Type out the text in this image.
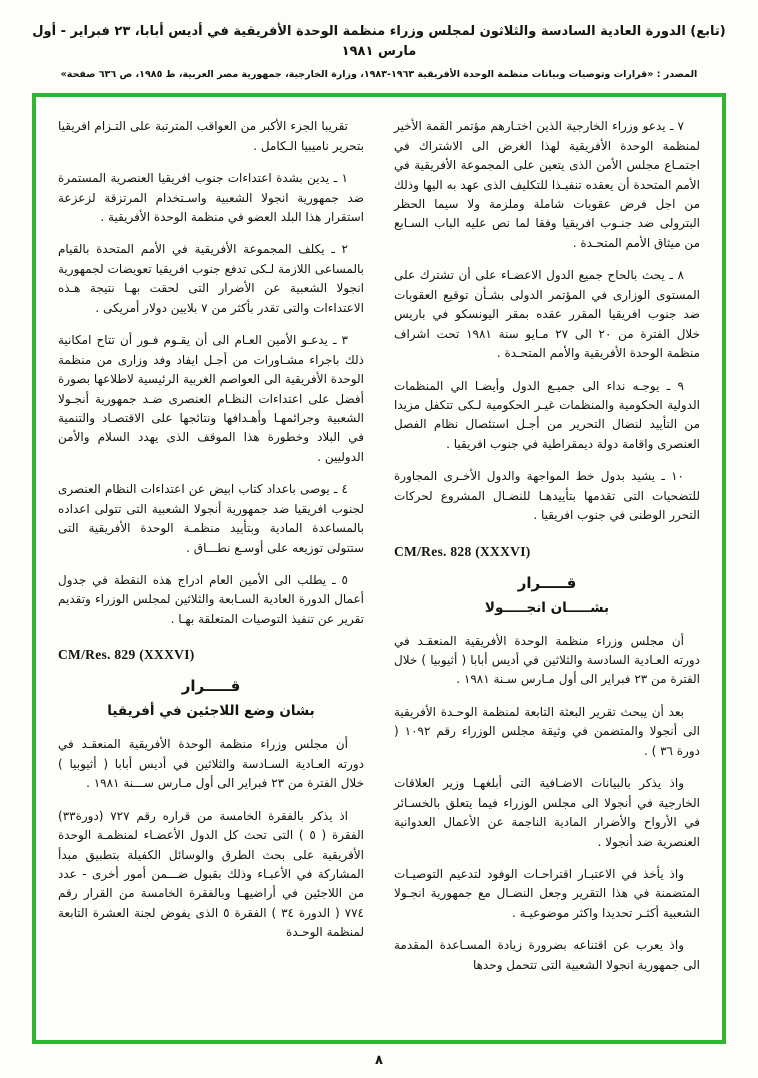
(تابع) الدورة العادية السادسة والثلاثون لمجلس وزراء منظمة الوحدة الأفريقية في أديس أبابا، ٢٣ فبراير - أول مارس ١٩٨١
المصدر : «قرارات وتوصيات وبيانات منظمة الوحدة الأفريقية ١٩٦٣-١٩٨٣، وزارة الخارجية، جمهورية مصر العربية، ط ١٩٨٥، ص ٦٣٦ صفحة»

٧ ـ يدعو وزراء الخارجية الذين اختـارهم مؤتمر القمة الأخير لمنظمة الوحدة الأفريقية لهذا الغرض الى الاشتراك في اجتمـاع مجلس الأمن الذى يتعين على المجموعة الأفريقية في الأمم المتحدة أن يعقده تنفيـذا للتكليف الذى عهد به اليها وذلك من اجل فرض عقوبات شاملة وملزمة ولا سيما الحظر البترولى ضد جنـوب افريقيا وفقا لما نص عليه الباب السـابع من ميثاق الأمم المتحـدة .

٨ ـ يحث بالحاح جميع الدول الاعضـاء على أن تشترك على المستوى الوزارى في المؤتمر الدولى بشـأن توقيع العقوبات ضد جنوب افريقيا المقرر عقده بمقر اليونسكو في باريس خلال الفترة من ٢٠ الى ٢٧ مـايو سنة ١٩٨١ تحت اشراف منظمة الوحدة الأفريقية والأمم المتحـدة .

٩ ـ يوجـه نداء الى جميـع الدول وأيضـا الي المنظمات الدولية الحكومية والمنظمات غيـر الحكومية لـكى تتكفل مزيدا من التأييد لنضال التحرير من أجـل استئصال نظام الفصل العنصرى واقامة دولة ديمقراطية في جنوب افريقيا .

١٠ ـ يشيد بدول خط المواجهة والدول الأخـرى المجاورة للتضحيات التى تقدمها بتأييدهـا للنضـال المشروع لحركات التحرر الوطنى في جنوب افريقيا .

CM/Res. 828 (XXXVI)
قـــــرار
بشـــــان انجـــــولا

أن مجلس وزراء منظمة الوحدة الأفريقية المنعقـد في دورته العـادية السادسة والثلاثين في أديس أبابا ( أثيوبيا ) خلال الفترة من ٢٣ فبراير الى أول مـارس سـنة ١٩٨١ .

بعد أن يبحث تقرير البعثة التابعة لمنظمة الوحـدة الأفريقية الى أنجولا والمتضمن في وثيقة مجلس الوزراء رقم ١٠٩٢ ( دورة ٣٦ ) .

واذ يذكر بالبيانات الاضـافية التى أبلغهـا وزير العلاقات الخارجية في أنجولا الى مجلس الوزراء فيما يتعلق بالخسـائر في الأرواح والأضرار المادية الناجمة عن الأعمال العدوانية العنصرية ضد أنجولا .

واذ يأخذ في الاعتبـار اقتراحـات الوفود لتدعيم التوصيـات المتضمنة في هذا التقرير وجعل النضـال مع جمهورية انجـولا الشعبية أكثـر تحديدا واكثر موضوعيـة .

واذ يعرب عن اقتناعه بضرورة زيادة المسـاعدة المقدمة الى جمهورية انجولا الشعبية التى تتحمل وحدها

تقريبا الجزء الأكبر من العواقب المترتبة على التـزام افريقيا بتحرير ناميبيا الـكامل .

١ ـ يدين بشدة اعتداءات جنوب افريقيا العنصرية المستمرة ضد جمهورية انجولا الشعبية واسـتخدام المرتزقة لزعزعة استقرار هذا البلد العضو في منظمة الوحدة الأفريقية .

٢ ـ يكلف المجموعة الأفريقية في الأمم المتحدة بالقيام بالمساعى اللازمة لـكى تدفع جنوب افريقيا تعويضات لجمهورية انجولا الشعبية عن الأضرار التى لحقت بهـا نتيجة هـذه الاعتداءات والتى تقدر بأكثر من ٧ بلايين دولار أمريكى .

٣ ـ يدعـو الأمين العـام الى أن يقـوم فـور أن تتاح امكانية ذلك باجراء مشـاورات من أجـل ايفاد وفد وزارى من منظمة الوحدة الأفريقية الى العواصم الغربية الرئيسية لاطلاعها بصورة أفضل على اعتداءات النظـام العنصرى ضـد جمهورية أنجـولا الشعبية وجرائمهـا وأهـدافها ونتائجها على الاقتصـاد والتنمية في البلاد وخطورة هذا الموقف الذى يهدد السلام والأمن الدوليين .

٤ ـ يوصى باعداد كتاب ابيض عن اعتداءات النظام العنصرى لجنوب افريقيا ضد جمهورية أنجولا الشعبية التى تتولى اعداده بالمساعدة المادية وبتأييد منظمـة الوحدة الأفريقية التى ستتولى توزيعه على أوسـع نطـــاق .

٥ ـ يطلب الى الأمين العام ادراج هذه النقطة في جدول أعمال الدورة العادية السـابعة والثلاثين لمجلس الوزراء وتقديم تقرير عن تنفيذ التوصيات المتعلقة بهـا .

CM/Res. 829 (XXXVI)
قـــــرار
بشان وضع اللاجئين في أفريقيا

أن مجلس وزراء منظمة الوحدة الأفريقية المنعقـد في دورته العـادية السـادسة والثلاثين في أديس أبابا ( أثيوبيا ) خلال الفترة من ٢٣ فبراير الى أول مـارس ســـنة ١٩٨١ .

اذ يذكر بالفقرة الخامسة من قراره رقم ٧٢٧ (دورة٣٣) الفقرة ( ٥ ) التى تحث كل الدول الأعضـاء لمنظمـة الوحدة الأفريقية على بحث الطرق والوسائل الكفيلة بتطبيق مبدأ المشاركة في الأعبـاء وذلك بقبول ضـــمن أمور أخرى - عدد من اللاجئين في أراضيهـا وبالفقرة الخامسة من القرار رقم ٧٧٤ ( الدورة ٣٤ ) الفقرة ٥ الذى يفوض لجنة العشرة التابعة لمنظمة الوحـدة

٨
